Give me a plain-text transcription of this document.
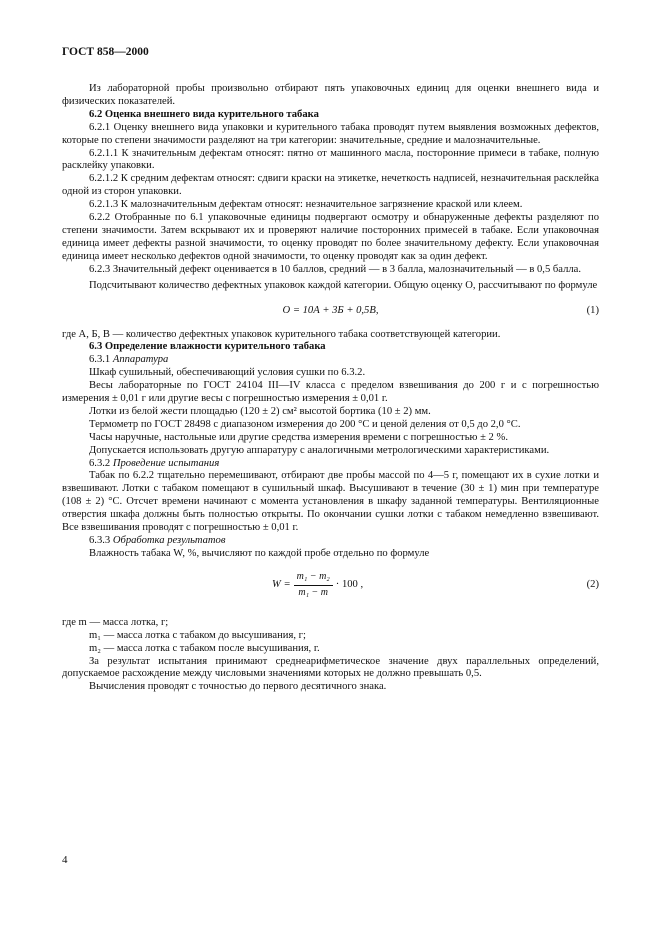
ГОСТ 858—2000

Из лабораторной пробы произвольно отбирают пять упаковочных единиц для оценки внешнего вида и физических показателей.

6.2 Оценка внешнего вида курительного табака

6.2.1 Оценку внешнего вида упаковки и курительного табака проводят путем выявления возможных дефектов, которые по степени значимости разделяют на три категории: значительные, средние и малозначительные.

6.2.1.1 К значительным дефектам относят: пятно от машинного масла, посторонние примеси в табаке, полную расклейку упаковки.

6.2.1.2 К средним дефектам относят: сдвиги краски на этикетке, нечеткость надписей, незначительная расклейка одной из сторон упаковки.

6.2.1.3 К малозначительным дефектам относят: незначительное загрязнение краской или клеем.

6.2.2 Отобранные по 6.1 упаковочные единицы подвергают осмотру и обнаруженные дефекты разделяют по степени значимости. Затем вскрывают их и проверяют наличие посторонних примесей в табаке. Если упаковочная единица имеет дефекты разной значимости, то оценку проводят по более значительному дефекту. Если упаковочная единица имеет несколько дефектов одной значимости, то оценку проводят как за один дефект.

6.2.3 Значительный дефект оценивается в 10 баллов, средний — в 3 балла, малозначительный — в 0,5 балла.

Подсчитывают количество дефектных упаковок каждой категории. Общую оценку О, рассчитывают по формуле

О = 10А + 3Б + 0,5В,	(1)

где А, Б, В — количество дефектных упаковок курительного табака соответствующей категории.

6.3 Определение влажности курительного табака

6.3.1 Аппаратура

Шкаф сушильный, обеспечивающий условия сушки по 6.3.2.

Весы лабораторные по ГОСТ 24104 III—IV класса с пределом взвешивания до 200 г и с погрешностью измерения ± 0,01 г или другие весы с погрешностью измерения ± 0,01 г.

Лотки из белой жести площадью (120 ± 2) см² высотой бортика (10 ± 2) мм.

Термометр по ГОСТ 28498 с диапазоном измерения до 200 °С и ценой деления от 0,5 до 2,0 °С.

Часы наручные, настольные или другие средства измерения времени с погрешностью ± 2 %.

Допускается использовать другую аппаратуру с аналогичными метрологическими характеристиками.

6.3.2 Проведение испытания

Табак по 6.2.2 тщательно перемешивают, отбирают две пробы массой по 4—5 г, помещают их в сухие лотки и взвешивают. Лотки с табаком помещают в сушильный шкаф. Высушивают в течение (30 ± 1) мин при температуре (108 ± 2) °С. Отсчет времени начинают с момента установления в шкафу заданной температуры. Вентиляционные отверстия шкафа должны быть полностью открыты. По окончании сушки лотки с табаком немедленно взвешивают. Все взвешивания проводят с погрешностью ± 0,01 г.

6.3.3 Обработка результатов

Влажность табака W, %, вычисляют по каждой пробе отдельно по формуле

$W = \frac{\text{m₁ − m₂}}{\text{m₁ − m}} \cdot 100$ ,	(2)

где m — масса лотка, г;

m₁ — масса лотка с табаком до высушивания, г;

m₂ — масса лотка с табаком после высушивания, г.

За результат испытания принимают среднеарифметическое значение двух параллельных определений, допускаемое расхождение между числовыми значениями которых не должно превышать 0,5.

Вычисления проводят с точностью до первого десятичного знака.

4
